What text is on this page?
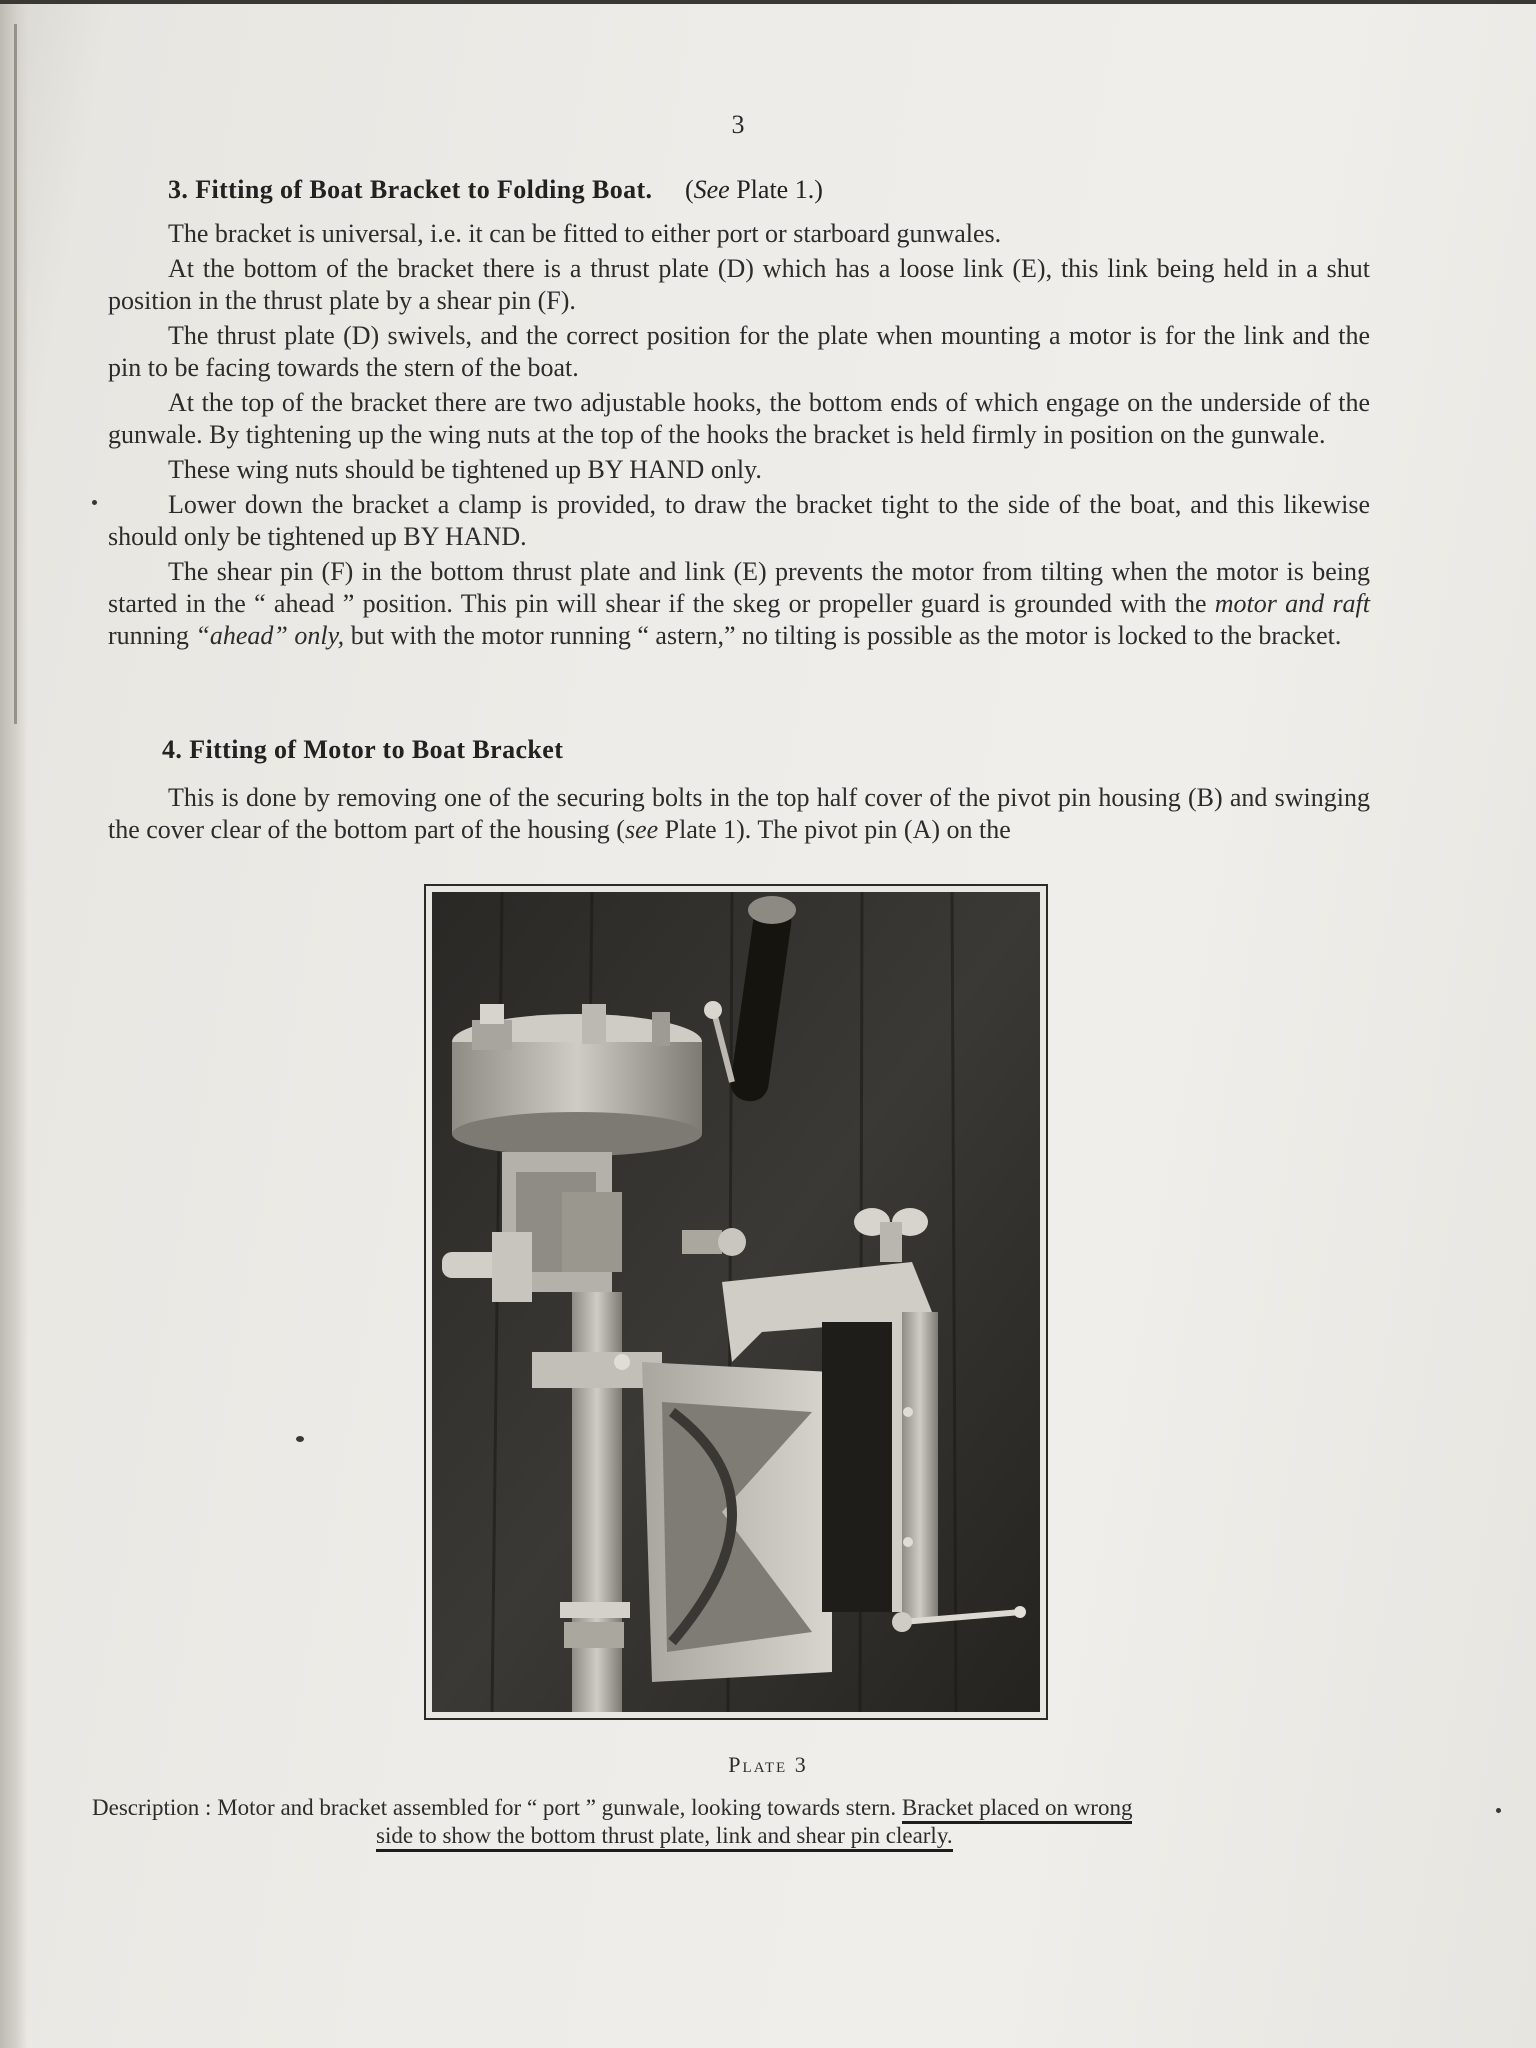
3
3. Fitting of Boat Bracket to Folding Boat. (See Plate 1.)

The bracket is universal, i.e. it can be fitted to either port or starboard gunwales.

At the bottom of the bracket there is a thrust plate (D) which has a loose link (E), this link being held in a shut position in the thrust plate by a shear pin (F).

The thrust plate (D) swivels, and the correct position for the plate when mounting a motor is for the link and the pin to be facing towards the stern of the boat.

At the top of the bracket there are two adjustable hooks, the bottom ends of which engage on the underside of the gunwale. By tightening up the wing nuts at the top of the hooks the bracket is held firmly in position on the gunwale.

These wing nuts should be tightened up BY HAND only.

Lower down the bracket a clamp is provided, to draw the bracket tight to the side of the boat, and this likewise should only be tightened up BY HAND.

The shear pin (F) in the bottom thrust plate and link (E) prevents the motor from tilting when the motor is being started in the “ ahead ” position. This pin will shear if the skeg or propeller guard is grounded with the motor and raft running “ahead” only, but with the motor running “ astern,” no tilting is possible as the motor is locked to the bracket.

4. Fitting of Motor to Boat Bracket

This is done by removing one of the securing bolts in the top half cover of the pivot pin housing (B) and swinging the cover clear of the bottom part of the housing (see Plate 1). The pivot pin (A) on the

Plate 3
Description : Motor and bracket assembled for “ port ” gunwale, looking towards stern. Bracket placed on wrong
side to show the bottom thrust plate, link and shear pin clearly.
